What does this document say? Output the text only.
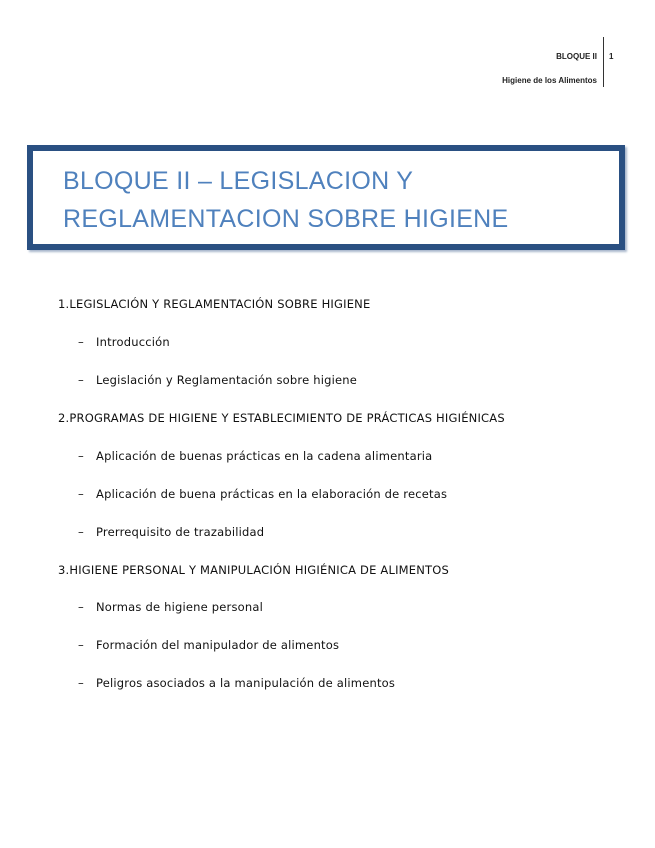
BLOQUE II 1
Higiene de los Alimentos
BLOQUE II – LEGISLACION Y
REGLAMENTACION SOBRE HIGIENE
1.LEGISLACIÓN Y REGLAMENTACIÓN SOBRE HIGIENE
– Introducción
– Legislación y Reglamentación sobre higiene
2.PROGRAMAS DE HIGIENE Y ESTABLECIMIENTO DE PRÁCTICAS HIGIÉNICAS
– Aplicación de buenas prácticas en la cadena alimentaria
– Aplicación de buena prácticas en la elaboración de recetas
– Prerrequisito de trazabilidad
3.HIGIENE PERSONAL Y MANIPULACIÓN HIGIÉNICA DE ALIMENTOS
– Normas de higiene personal
– Formación del manipulador de alimentos
– Peligros asociados a la manipulación de alimentos
